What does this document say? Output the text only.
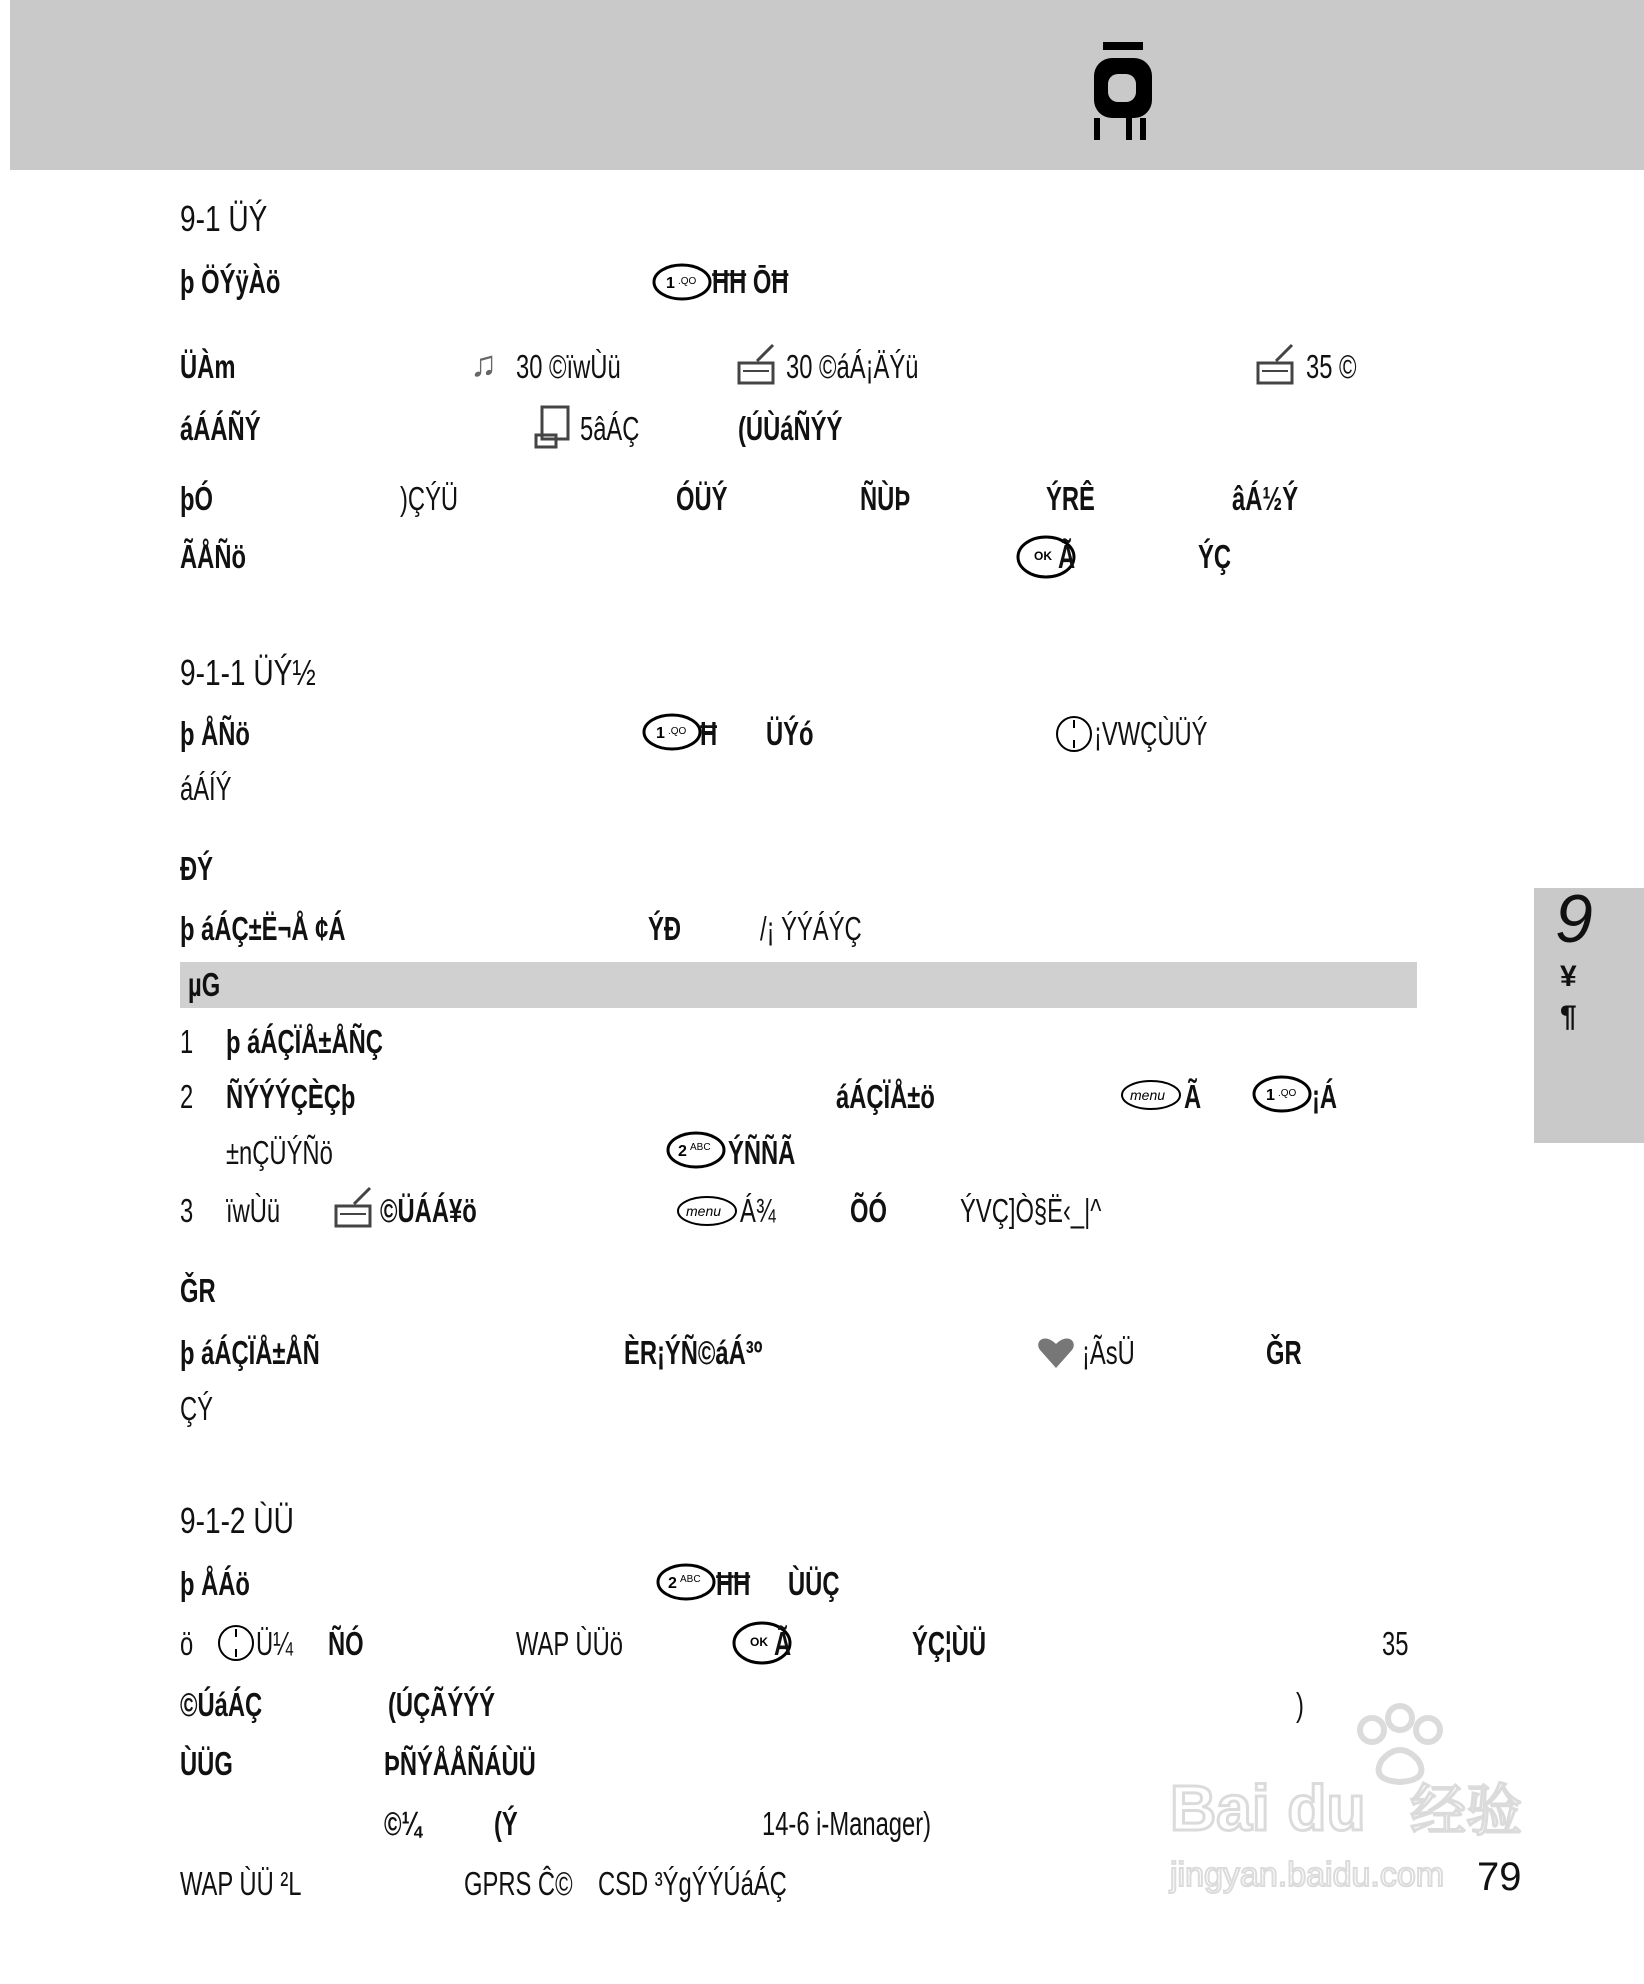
9-1 ÜÝ
þ ÖÝÿÀö	1 .QO ĦĦ ŌĦ
ÜÀm	♫ 30 ©ïwÙü	30 ©áÁ¡ÄÝü	35 ©
áÁÁÑÝ	5âÁÇ	(ÚÙáÑÝÝ
þÓ	)ÇÝÜ	ÓÜÝ	ÑÙÞ	ÝRÊ	âÁ½Ý
ÃÅÑö	OK Ã	ÝÇ
9-1-1 ÜÝ½
þ ÅÑö	1 .QO Ħ ÜÝó	¡VWÇÙÜÝ
áÁÍÝ
ÐÝ
þ áÁÇ±Ë¬Å ¢Á	ÝÐ /¡ ÝÝÁÝÇ
µG
1 þ áÁÇÏÅ±ÅÑÇ
2 ÑÝÝÝÇÈÇþ	áÁÇÏÅ±ö	menu Ã	1 .QO ¡Á
±nÇÜÝÑö	2 ABC ÝÑÑÃ
3 ïwÙü	©ÜÁÁ¥ö	menu Á¾ ÕÓ ÝVÇ]Ò§Ë‹_|^
ǦR
þ áÁÇÏÅ±ÅÑ	ÈR¡ÝÑ©áÁ³º	¡ÃsÜ	ǦR
ÇÝ
9-1-2 ÙÜ
þ ÅÁö	2 ABC ĦĦ ÙÜÇ
ö Ü¼ ÑÓ	WAP ÙÜö	OK Ã	ÝÇ¦ÙÜ	35
©ÚáÁÇ	(ÚÇÃÝÝÝ	)
ÙÜG	ÞÑÝÅÅÑÁÙÜ
©¼ (Ý	14-6 i-Manager)
WAP ÙÜ ²L	GPRS Ĉ© CSD ³ÝgÝÝÚáÁÇ
9
¥
¶
79
Bai du 经验
jingyan.baidu.com
